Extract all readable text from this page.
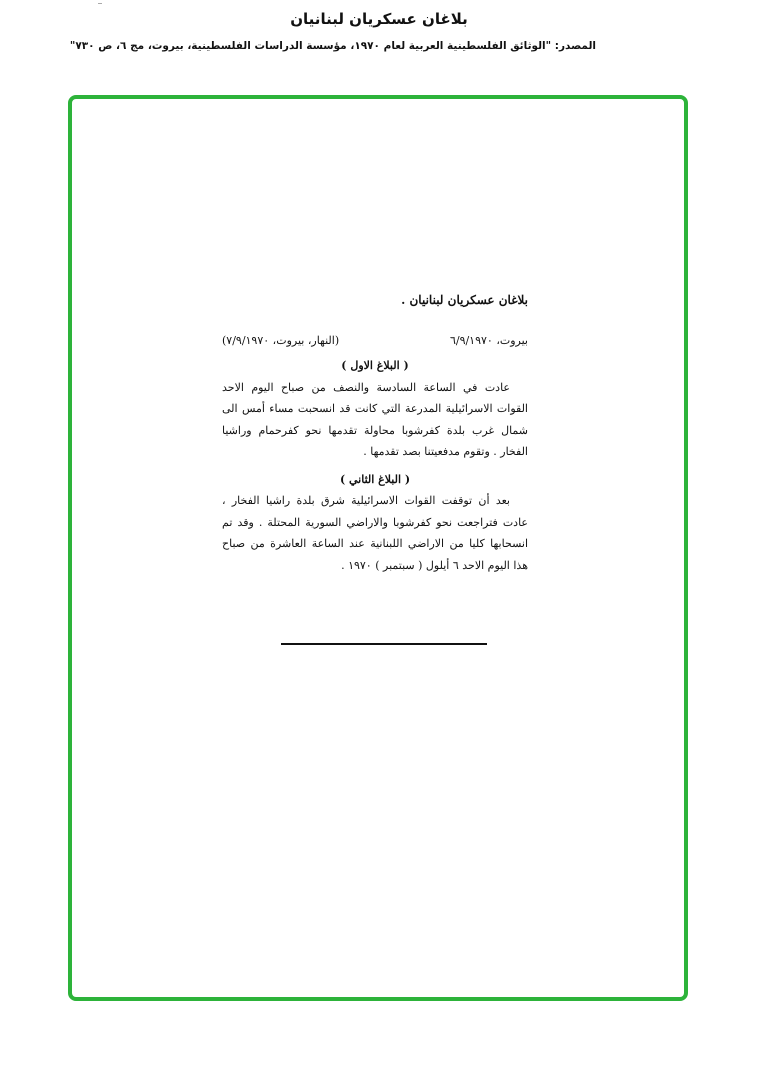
بلاغان عسكريان لبنانيان
المصدر: "الوثائق الفلسطينية العربية لعام ١٩٧٠، مؤسسة الدراسات الفلسطينية، بيروت، مج ٦، ص ٧٣٠"
بلاغان عسكريان لبنانيان .
بيروت، ٦/٩/١٩٧٠
(النهار، بيروت، ٧/٩/١٩٧٠)

( البلاغ الاول )

عادت في الساعة السادسة والنصف من صباح اليوم الاحد القوات الاسرائيلية المدرعة التي كانت قد انسحبت مساء أمس الى شمال غرب بلدة كفرشوبا محاولة تقدمها نحو كفرحمام وراشيا الفخار . وتقوم مدفعيتنا بصد تقدمها .

( البلاغ الثاني )

بعد أن توقفت القوات الاسرائيلية شرق بلدة راشيا الفخار ، عادت فتراجعت نحو كفرشوبا والاراضي السورية المحتلة . وقد تم انسحابها كليا من الاراضي اللبنانية عند الساعة العاشرة من صباح هذا اليوم الاحد ٦ أيلول ( سبتمبر ) ١٩٧٠ .
